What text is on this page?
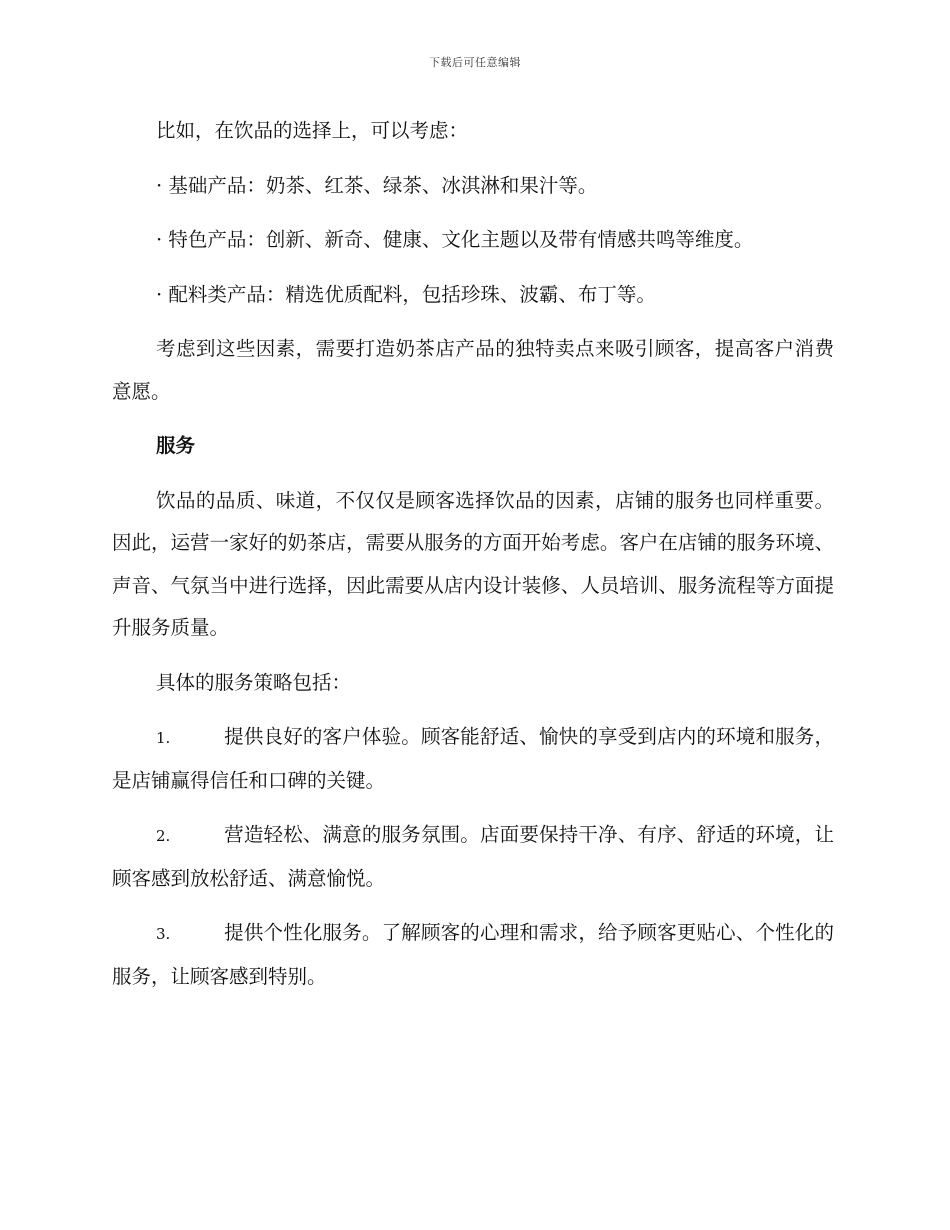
下载后可任意编辑

比如，在饮品的选择上，可以考虑：

· 基础产品：奶茶、红茶、绿茶、冰淇淋和果汁等。

· 特色产品：创新、新奇、健康、文化主题以及带有情感共鸣等维度。

· 配料类产品：精选优质配料，包括珍珠、波霸、布丁等。

考虑到这些因素，需要打造奶茶店产品的独特卖点来吸引顾客，提高客户消费意愿。

服务

饮品的品质、味道，不仅仅是顾客选择饮品的因素，店铺的服务也同样重要。因此，运营一家好的奶茶店，需要从服务的方面开始考虑。客户在店铺的服务环境、声音、气氛当中进行选择，因此需要从店内设计装修、人员培训、服务流程等方面提升服务质量。

具体的服务策略包括：

1.	提供良好的客户体验。顾客能舒适、愉快的享受到店内的环境和服务，是店铺赢得信任和口碑的关键。

2.	营造轻松、满意的服务氛围。店面要保持干净、有序、舒适的环境，让顾客感到放松舒适、满意愉悦。

3.	提供个性化服务。了解顾客的心理和需求，给予顾客更贴心、个性化的服务，让顾客感到特别。
